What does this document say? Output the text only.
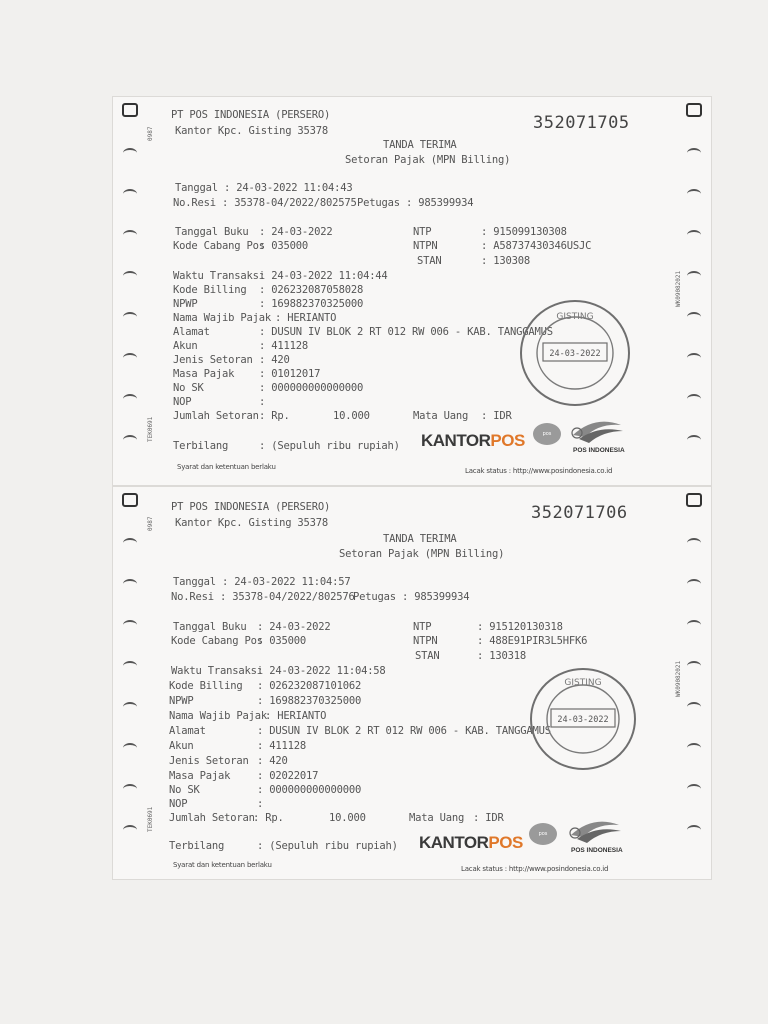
0987
TEK0691
WK09082021
PT POS INDONESIA (PERSERO)
Kantor Kpc. Gisting 35378	352071705
TANDA TERIMA
Setoran Pajak (MPN Billing)
Tanggal : 24-03-2022 11:04:43
No.Resi : 35378-04/2022/802575 Petugas : 985399934
Tanggal Buku : 24-03-2022
Kode Cabang Pos
: 035000
NTP	: 915099130308
NTPN	: A58737430346USJC
STAN	: 130308
Waktu Transaksi
: 24-03-2022 11:04:44
Kode Billing : 026232087058028
NPWP	: 169882370325000
Nama Wajib Pajak : HERIANTO
Alamat	: DUSUN IV BLOK 2 RT 012 RW 006 - KAB. TANGGAMUS
Akun	: 411128
Jenis Setoran : 420
Masa Pajak : 01012017
No SK	: 000000000000000
NOP	:
Jumlah Setoran : Rp.	10.000	Mata Uang : IDR
Terbilang	: (Sepuluh ribu rupiah)
Syarat dan ketentuan berlaku	Lacak status : http://www.posindonesia.co.id
KANTORPOS	pos
POS INDONESIA
GISTING
24-03-2022
0987
TEK0691
WK09082021
PT POS INDONESIA (PERSERO)
Kantor Kpc. Gisting 35378	352071706
TANDA TERIMA
Setoran Pajak (MPN Billing)
Tanggal : 24-03-2022 11:04:57
No.Resi : 35378-04/2022/802576
Petugas : 985399934
Tanggal Buku : 24-03-2022
Kode Cabang Pos
: 035000
NTP	: 915120130318
NTPN	: 488E91PIR3L5HFK6
STAN	: 130318
Waktu Transaksi
: 24-03-2022 11:04:58
Kode Billing : 026232087101062
NPWP	: 169882370325000
Nama Wajib Pajak
: HERIANTO
Alamat	: DUSUN IV BLOK 2 RT 012 RW 006 - KAB. TANGGAMUS
Akun	: 411128
Jenis Setoran : 420
Masa Pajak	: 02022017
No SK	: 000000000000000
NOP	:
Jumlah Setoran
: Rp.	10.000	Mata Uang : IDR
Terbilang	: (Sepuluh ribu rupiah)
Syarat dan ketentuan berlaku	Lacak status : http://www.posindonesia.co.id
KANTORPOS	pos
POS INDONESIA
GISTING
24-03-2022
